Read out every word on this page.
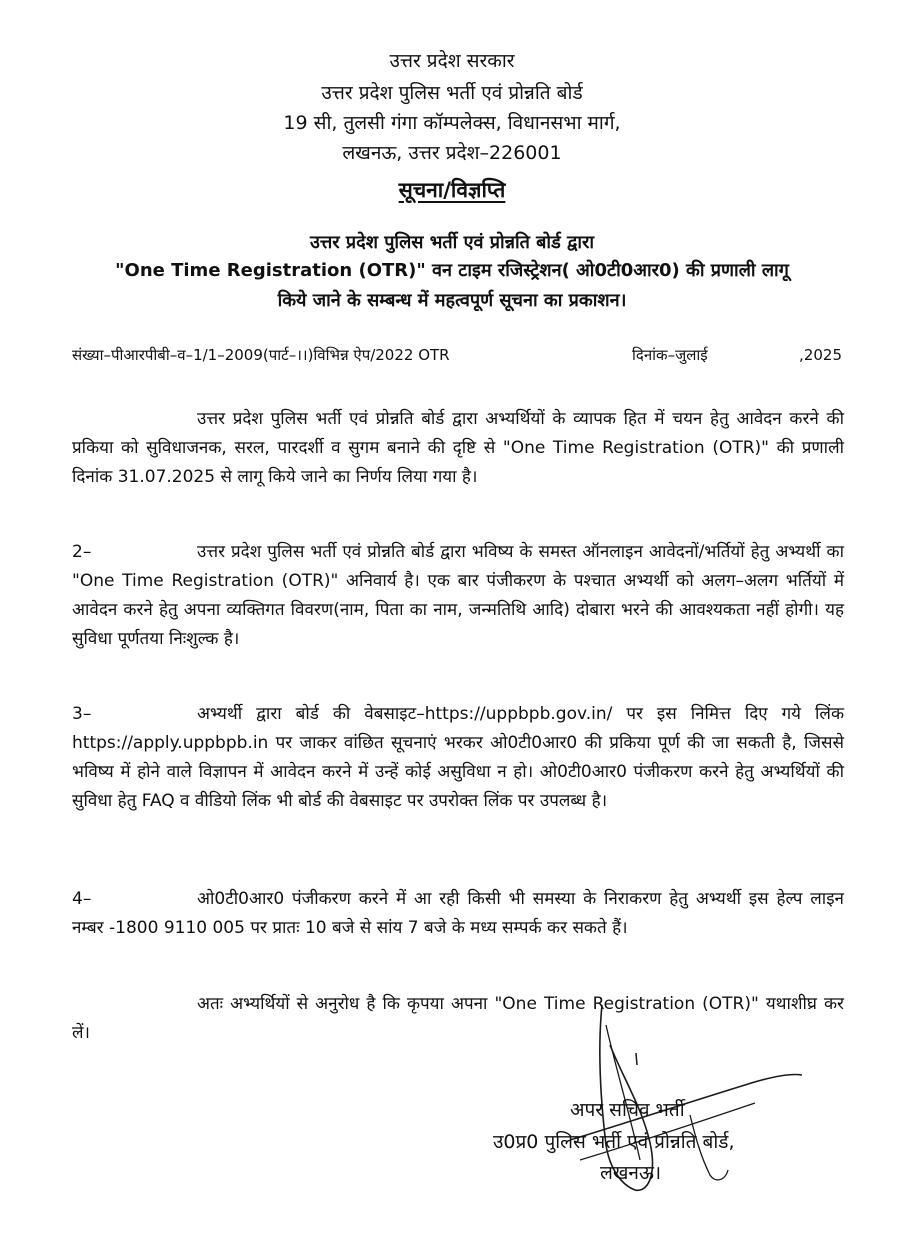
उत्तर प्रदेश सरकार
उत्तर प्रदेश पुलिस भर्ती एवं प्रोन्नति बोर्ड
19 सी, तुलसी गंगा कॉम्पलेक्स, विधानसभा मार्ग,
लखनऊ, उत्तर प्रदेश–226001
सूचना/विज्ञप्ति
उत्तर प्रदेश पुलिस भर्ती एवं प्रोन्नति बोर्ड द्वारा
"One Time Registration (OTR)" वन टाइम रजिस्ट्रेशन( ओ0टी0आर0) की प्रणाली लागू
किये जाने के सम्बन्ध में महत्वपूर्ण सूचना का प्रकाशन।
संख्या–पीआरपीबी–व–1/1–2009(पार्ट–।।)विभिन्न ऐप/2022 OTR	दिनांक–जुलाई	,2025
उत्तर प्रदेश पुलिस भर्ती एवं प्रोन्नति बोर्ड द्वारा अभ्यर्थियों के व्यापक हित में चयन हेतु आवेदन करने की प्रकिया को सुविधाजनक, सरल, पारदर्शी व सुगम बनाने की दृष्टि से "One Time Registration (OTR)" की प्रणाली दिनांक 31.07.2025 से लागू किये जाने का निर्णय लिया गया है।
2–	उत्तर प्रदेश पुलिस भर्ती एवं प्रोन्नति बोर्ड द्वारा भविष्य के समस्त ऑनलाइन आवेदनों/भर्तियों हेतु अभ्यर्थी का "One Time Registration (OTR)" अनिवार्य है। एक बार पंजीकरण के पश्चात अभ्यर्थी को अलग–अलग भर्तियों में आवेदन करने हेतु अपना व्यक्तिगत विवरण(नाम, पिता का नाम, जन्मतिथि आदि) दोबारा भरने की आवश्यकता नहीं होगी। यह सुविधा पूर्णतया निःशुल्क है।
3–	अभ्यर्थी द्वारा बोर्ड की वेबसाइट–https://uppbpb.gov.in/ पर इस निमित्त दिए गये लिंक https://apply.uppbpb.in पर जाकर वांछित सूचनाएं भरकर ओ0टी0आर0 की प्रकिया पूर्ण की जा सकती है, जिससे भविष्य में होने वाले विज्ञापन में आवेदन करने में उन्हें कोई असुविधा न हो। ओ0टी0आर0 पंजीकरण करने हेतु अभ्यर्थियों की सुविधा हेतु FAQ व वीडियो लिंक भी बोर्ड की वेबसाइट पर उपरोक्त लिंक पर उपलब्ध है।
4–	ओ0टी0आर0 पंजीकरण करने में आ रही किसी भी समस्या के निराकरण हेतु अभ्यर्थी इस हेल्प लाइन नम्बर -1800 9110 005 पर प्रातः 10 बजे से सांय 7 बजे के मध्य सम्पर्क कर सकते हैं।
अतः अभ्यर्थियों से अनुरोध है कि कृपया अपना "One Time Registration (OTR)" यथाशीघ्र कर लें।
अपर सचिव भर्ती
उ0प्र0 पुलिस भर्ती एवं प्रोन्नति बोर्ड,
लखनऊ।
